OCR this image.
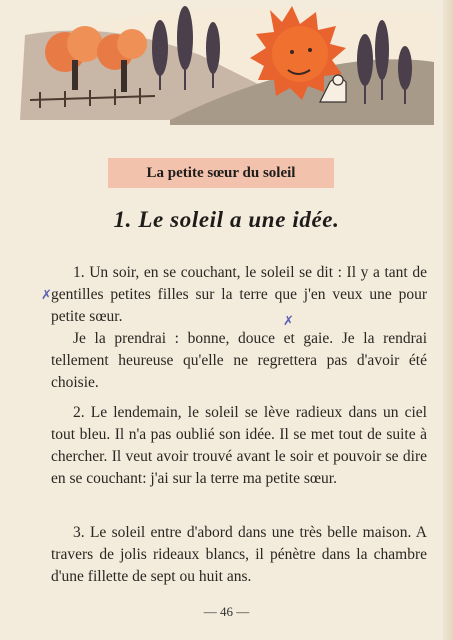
La petite sœur du soleil
1. Le soleil a une idée.

1. Un soir, en se couchant, le soleil se dit : Il y a tant de gentilles petites filles sur la terre que j'en veux une pour petite sœur.

Je la prendrai : bonne, douce et gaie. Je la rendrai tellement heureuse qu'elle ne regrettera pas d'avoir été choisie.

✗
✗

2. Le lendemain, le soleil se lève radieux dans un ciel tout bleu. Il n'a pas oublié son idée. Il se met tout de suite à chercher. Il veut avoir trouvé avant le soir et pouvoir se dire en se couchant: j'ai sur la terre ma petite sœur.

3. Le soleil entre d'abord dans une très belle maison. A travers de jolis rideaux blancs, il pénètre dans la chambre d'une fillette de sept ou huit ans.

— 46 —
